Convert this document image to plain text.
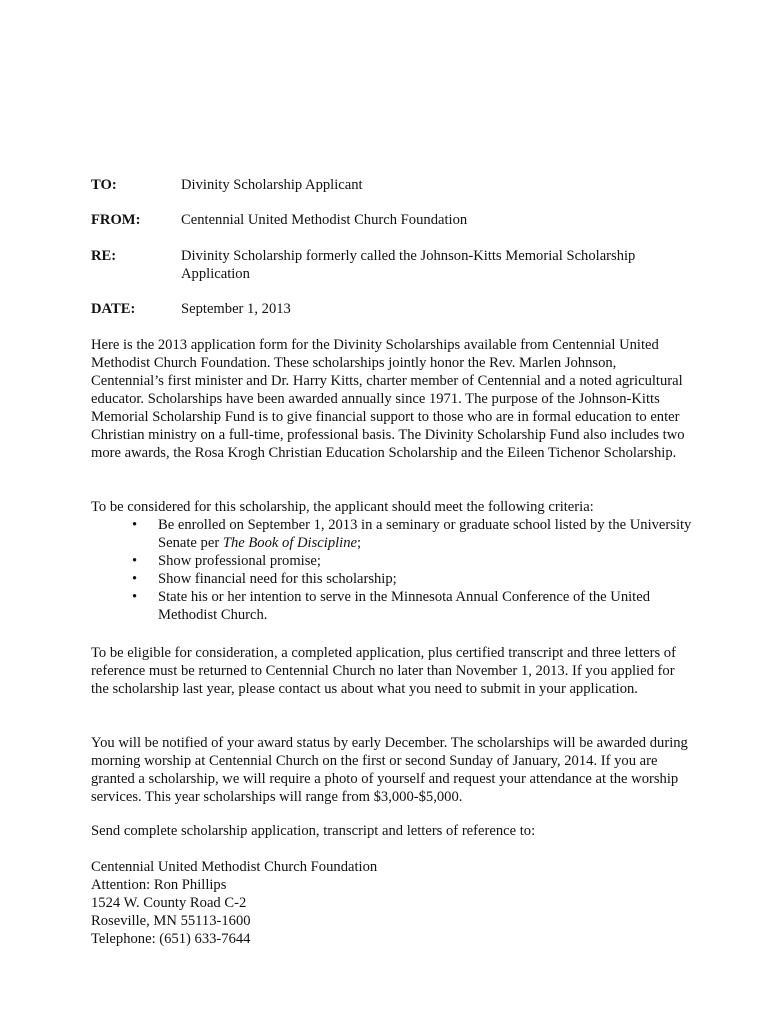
TO:	Divinity Scholarship Applicant
FROM:	Centennial United Methodist Church Foundation
RE:	Divinity Scholarship formerly called the Johnson-Kitts Memorial Scholarship Application
DATE:	September 1, 2013

Here is the 2013 application form for the Divinity Scholarships available from Centennial United Methodist Church Foundation. These scholarships jointly honor the Rev. Marlen Johnson, Centennial’s first minister and Dr. Harry Kitts, charter member of Centennial and a noted agricultural educator. Scholarships have been awarded annually since 1971. The purpose of the Johnson-Kitts Memorial Scholarship Fund is to give financial support to those who are in formal education to enter Christian ministry on a full-time, professional basis. The Divinity Scholarship Fund also includes two more awards, the Rosa Krogh Christian Education Scholarship and the Eileen Tichenor Scholarship.

To be considered for this scholarship, the applicant should meet the following criteria:

• Be enrolled on September 1, 2013 in a seminary or graduate school listed by the University Senate per The Book of Discipline;
• Show professional promise;
• Show financial need for this scholarship;
• State his or her intention to serve in the Minnesota Annual Conference of the United Methodist Church.

To be eligible for consideration, a completed application, plus certified transcript and three letters of reference must be returned to Centennial Church no later than November 1, 2013. If you applied for the scholarship last year, please contact us about what you need to submit in your application.

You will be notified of your award status by early December. The scholarships will be awarded during morning worship at Centennial Church on the first or second Sunday of January, 2014. If you are granted a scholarship, we will require a photo of yourself and request your attendance at the worship services. This year scholarships will range from $3,000-$5,000.

Send complete scholarship application, transcript and letters of reference to:

Centennial United Methodist Church Foundation
Attention: Ron Phillips
1524 W. County Road C-2
Roseville, MN 55113-1600
Telephone: (651) 633-7644
